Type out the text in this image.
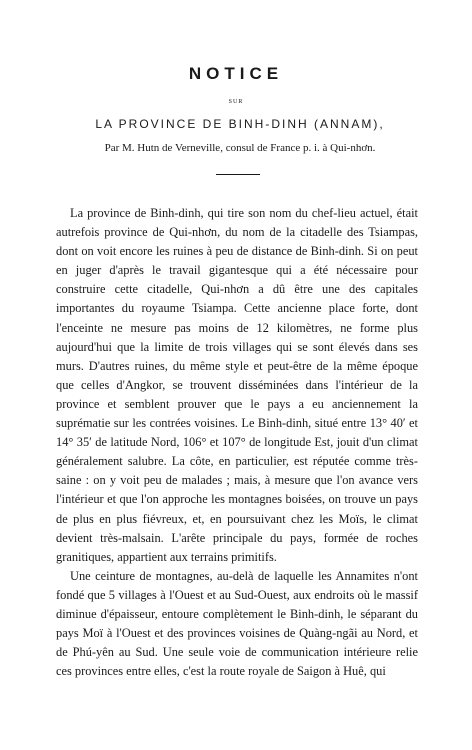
NOTICE
SUR
LA PROVINCE DE BINH-DINH (ANNAM),
Par M. Hutn de Verneville, consul de France p. i. à Qui-nhơn.

La province de Binh-dinh, qui tire son nom du chef-lieu actuel, était autrefois province de Qui-nhơn, du nom de la citadelle des Tsiampas, dont on voit encore les ruines à peu de distance de Binh-dinh. Si on peut en juger d'après le travail gigantesque qui a été nécessaire pour construire cette citadelle, Qui-nhơn a dû être une des capitales importantes du royaume Tsiampa. Cette ancienne place forte, dont l'enceinte ne mesure pas moins de 12 kilomètres, ne forme plus aujourd'hui que la limite de trois villages qui se sont élevés dans ses murs. D'autres ruines, du même style et peut-être de la même époque que celles d'Angkor, se trouvent disséminées dans l'intérieur de la province et semblent prouver que le pays a eu anciennement la suprématie sur les contrées voisines. Le Binh-dinh, situé entre 13° 40′ et 14° 35′ de latitude Nord, 106° et 107° de longitude Est, jouit d'un climat généralement salubre. La côte, en particulier, est réputée comme très-saine : on y voit peu de malades ; mais, à mesure que l'on avance vers l'intérieur et que l'on approche les montagnes boisées, on trouve un pays de plus en plus fiévreux, et, en poursuivant chez les Moïs, le climat devient très-malsain. L'arête principale du pays, formée de roches granitiques, appartient aux terrains primitifs.

Une ceinture de montagnes, au-delà de laquelle les Annamites n'ont fondé que 5 villages à l'Ouest et au Sud-Ouest, aux endroits où le massif diminue d'épaisseur, entoure complètement le Binh-dinh, le séparant du pays Moï à l'Ouest et des provinces voisines de Quàng-ngãi au Nord, et de Phú-yên au Sud. Une seule voie de communication intérieure relie ces provinces entre elles, c'est la route royale de Saigon à Huê, qui
